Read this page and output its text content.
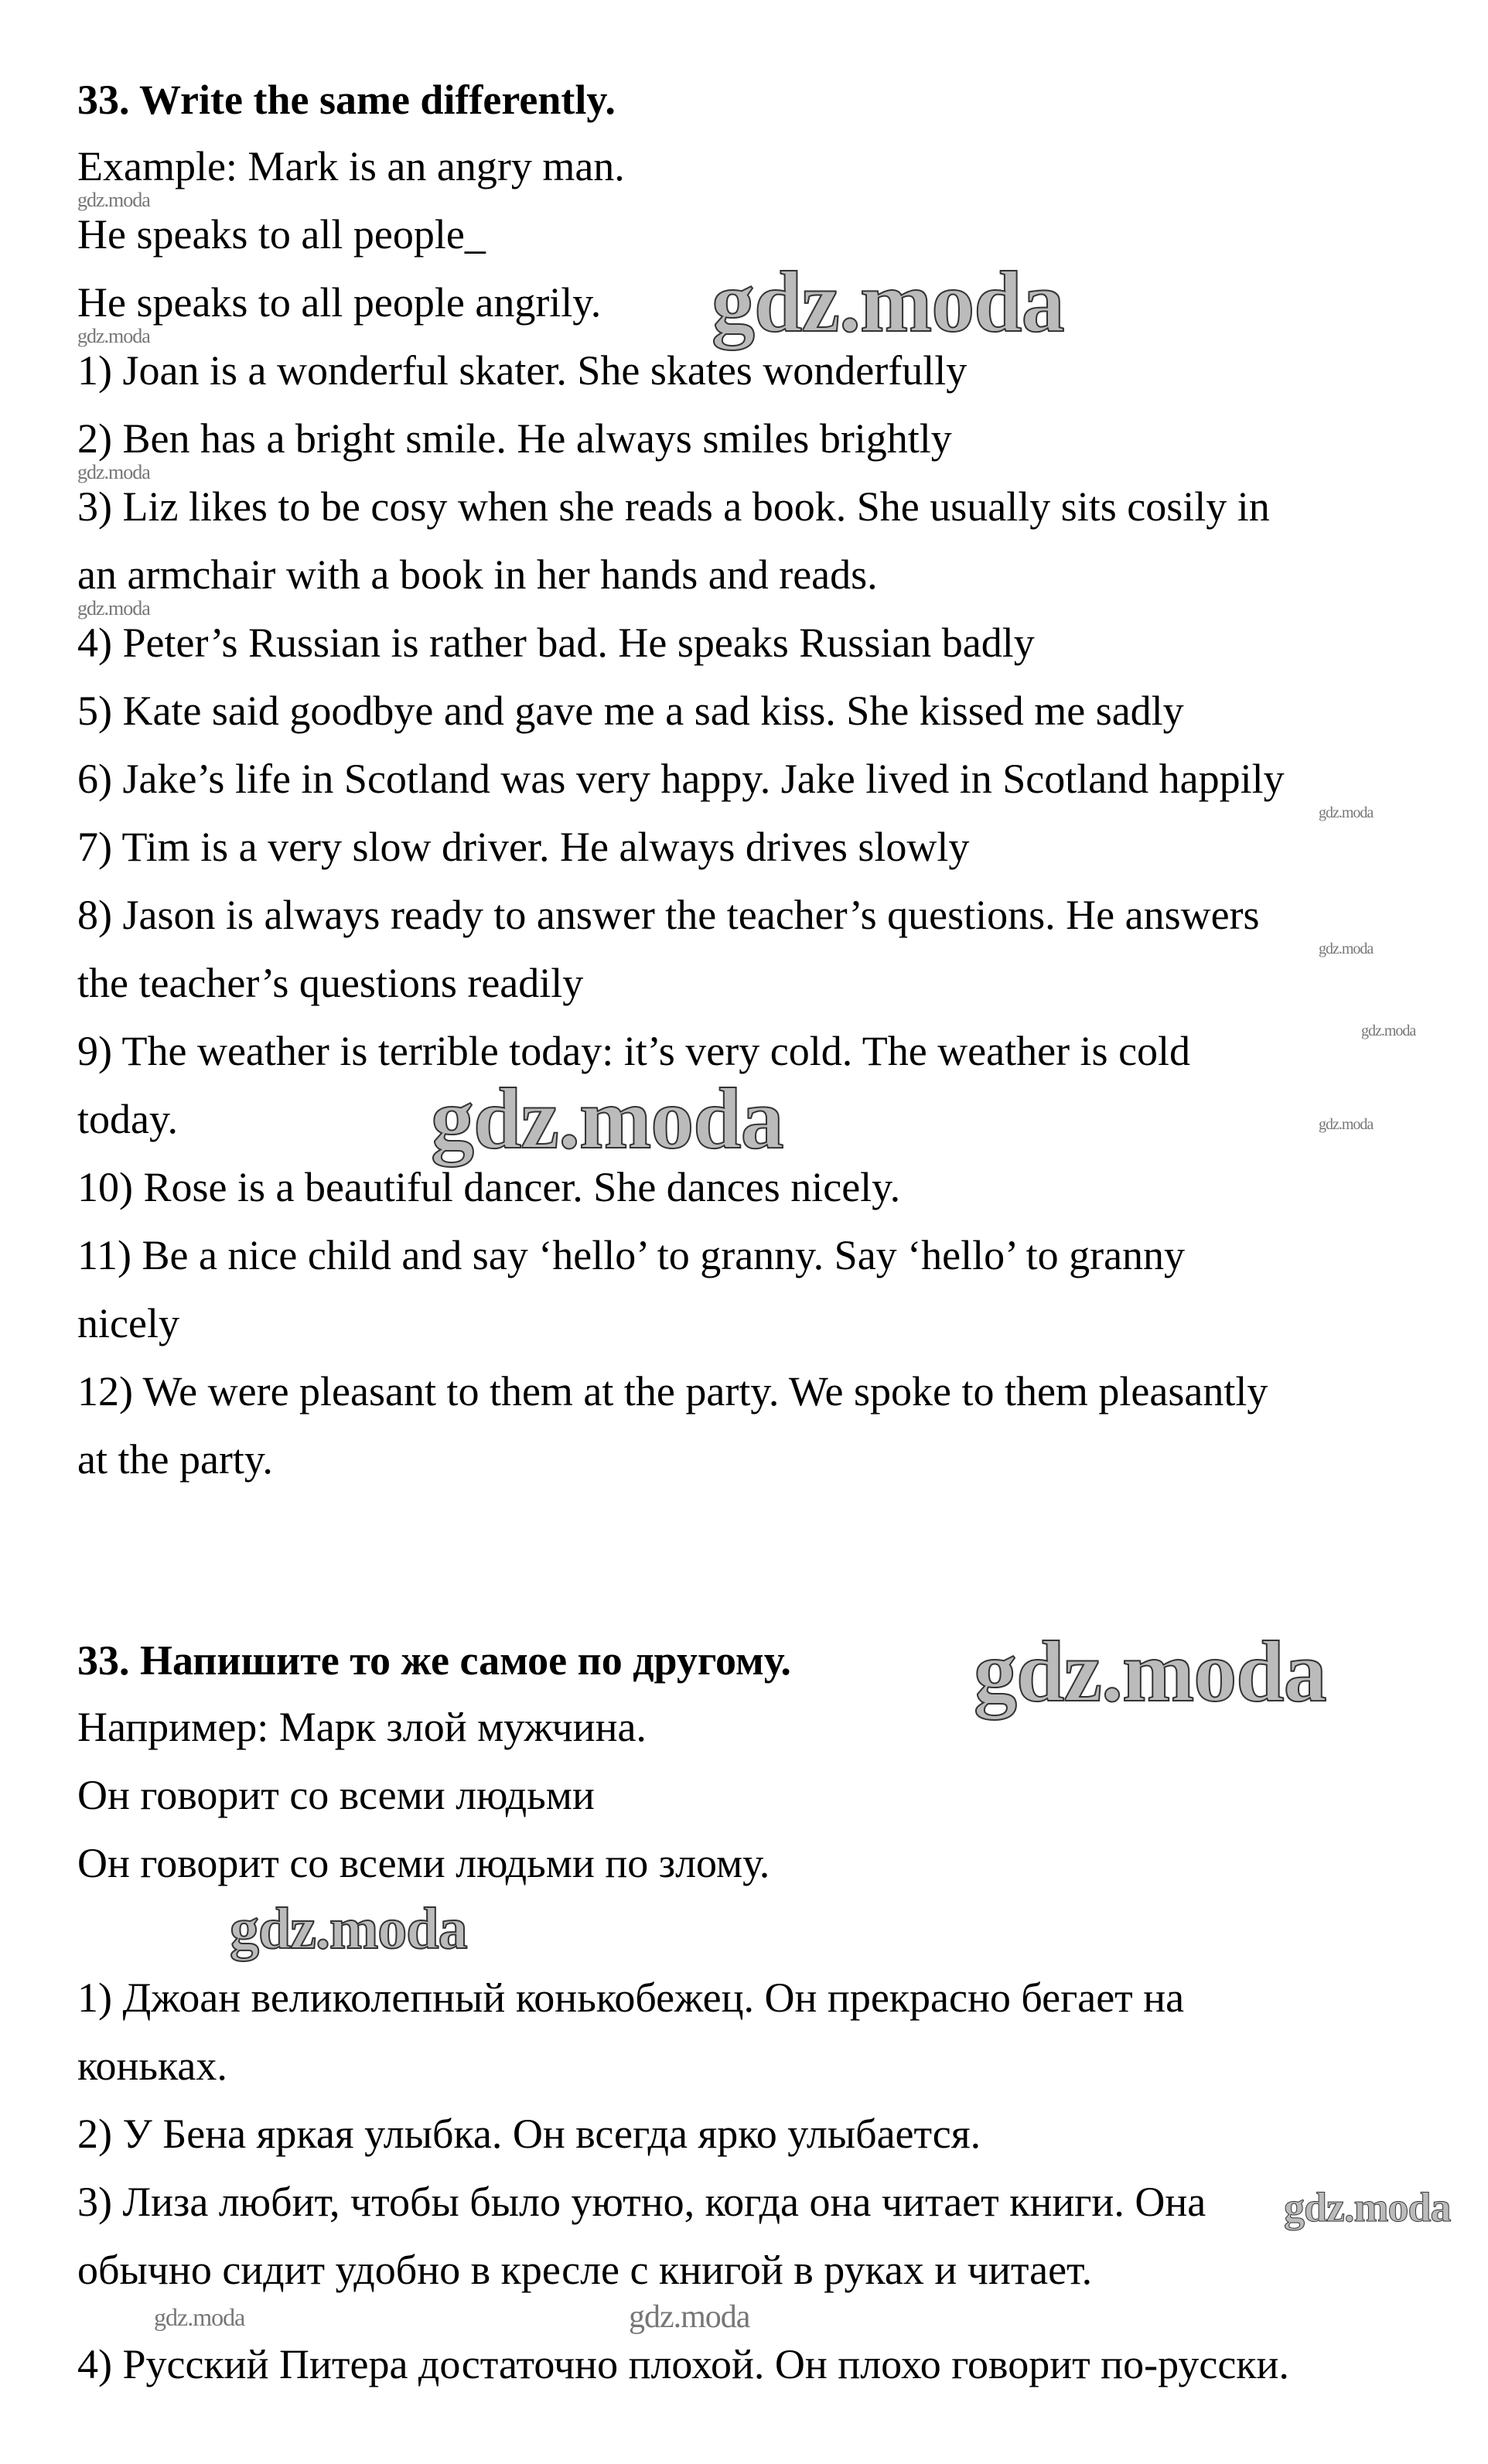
33. Write the same differently.
Example: Mark is an angry man.
He speaks to all people_
He speaks to all people angrily.
1) Joan is a wonderful skater. She skates wonderfully
2) Ben has a bright smile. He always smiles brightly
3) Liz likes to be cosy when she reads a book. She usually sits cosily in
an armchair with a book in her hands and reads.
4) Peter’s Russian is rather bad. He speaks Russian badly
5) Kate said goodbye and gave me a sad kiss. She kissed me sadly
6) Jake’s life in Scotland was very happy. Jake lived in Scotland happily
7) Tim is a very slow driver. He always drives slowly
8) Jason is always ready to answer the teacher’s questions. He answers
the teacher’s questions readily
9) The weather is terrible today: it’s very cold. The weather is cold
today.
10) Rose is a beautiful dancer. She dances nicely.
11) Be a nice child and say ‘hello’ to granny. Say ‘hello’ to granny
nicely
12) We were pleasant to them at the party. We spoke to them pleasantly
at the party.
33. Напишите то же самое по другому.
Например: Марк злой мужчина.
Он говорит со всеми людьми
Он говорит со всеми людьми по злому.
1) Джоан великолепный конькобежец. Он прекрасно бегает на
коньках.
2) У Бена яркая улыбка. Он всегда ярко улыбается.
3) Лиза любит, чтобы было уютно, когда она читает книги. Она
обычно сидит удобно в кресле с книгой в руках и читает.
4) Русский Питера достаточно плохой. Он плохо говорит по-русски.
gdz.moda
gdz.moda
gdz.moda
gdz.moda
gdz.moda
gdz.moda
gdz.moda
gdz.moda
gdz.moda
gdz.moda
gdz.moda
gdz.moda
gdz.moda
gdz.moda	gdz.moda
